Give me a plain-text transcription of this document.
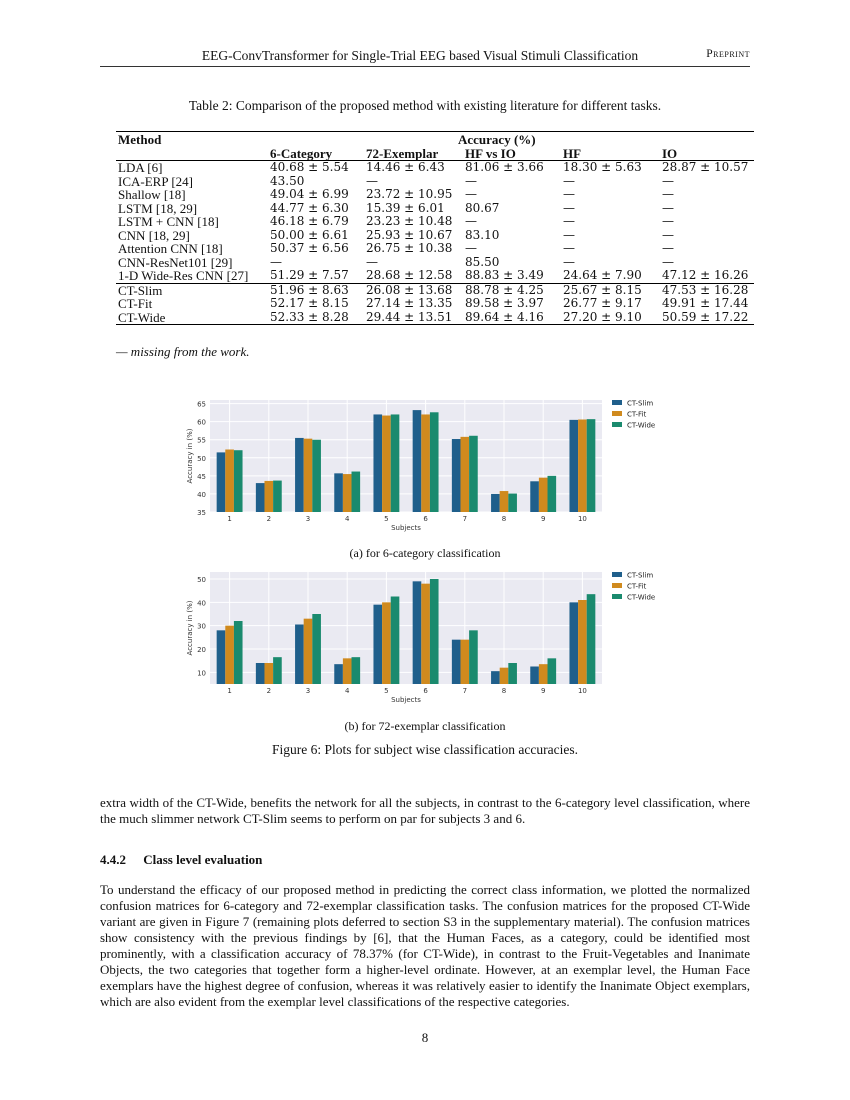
EEG-ConvTransformer for Single-Trial EEG based Visual Stimuli Classification	Preprint
Table 2: Comparison of the proposed method with existing literature for different tasks.
Method	Accuracy (%)				
	6-Category	72-Exemplar	HF vs IO	HF	IO
LDA [6]	40.68 ± 5.54	14.46 ± 6.43	81.06 ± 3.66	18.30 ± 5.63	28.87 ± 10.57
ICA-ERP [24]	43.50	—	—	—	—
Shallow [18]	49.04 ± 6.99	23.72 ± 10.95	—	—	—
LSTM [18, 29]	44.77 ± 6.30	15.39 ± 6.01	80.67	—	—
LSTM + CNN [18]	46.18 ± 6.79	23.23 ± 10.48	—	—	—
CNN [18, 29]	50.00 ± 6.61	25.93 ± 10.67	83.10	—	—
Attention CNN [18]	50.37 ± 6.56	26.75 ± 10.38	—	—	—
CNN-ResNet101 [29]	—	—	85.50	—	—
1-D Wide-Res CNN [27]	51.29 ± 7.57	28.68 ± 12.58	88.83 ± 3.49	24.64 ± 7.90	47.12 ± 16.26
CT-Slim	51.96 ± 8.63	26.08 ± 13.68	88.78 ± 4.25	25.67 ± 8.15	47.53 ± 16.28
CT-Fit	52.17 ± 8.15	27.14 ± 13.35	89.58 ± 3.97	26.77 ± 9.17	49.91 ± 17.44
CT-Wide	52.33 ± 8.28	29.44 ± 13.51	89.64 ± 4.16	27.20 ± 9.10	50.59 ± 17.22
— missing from the work.
35
40
45
50
55
60
65
1	2	3	4	5	6	7	8	9	10
Subjects
Accuracy in (%)
CT-Slim
CT-Fit
CT-Wide
(a) for 6-category classification
10
20
30
40
50
1	2	3	4	5	6	7	8	9	10
Subjects
Accuracy in (%)
CT-Slim
CT-Fit
CT-Wide
(b) for 72-exemplar classification
Figure 6: Plots for subject wise classification accuracies.
extra width of the CT-Wide, benefits the network for all the subjects, in contrast to the 6-category level classification, where the much slimmer network CT-Slim seems to perform on par for subjects 3 and 6.
4.4.2 Class level evaluation
To understand the efficacy of our proposed method in predicting the correct class information, we plotted the normalized confusion matrices for 6-category and 72-exemplar classification tasks. The confusion matrices for the proposed CT-Wide variant are given in Figure 7 (remaining plots deferred to section S3 in the supplementary material). The confusion matrices show consistency with the previous findings by [6], that the Human Faces, as a category, could be identified most prominently, with a classification accuracy of 78.37% (for CT-Wide), in contrast to the Fruit-Vegetables and Inanimate Objects, the two categories that together form a higher-level ordinate. However, at an exemplar level, the Human Face exemplars have the highest degree of confusion, whereas it was relatively easier to identify the Inanimate Object exemplars, which are also evident from the exemplar level classifications of the respective categories.
8
